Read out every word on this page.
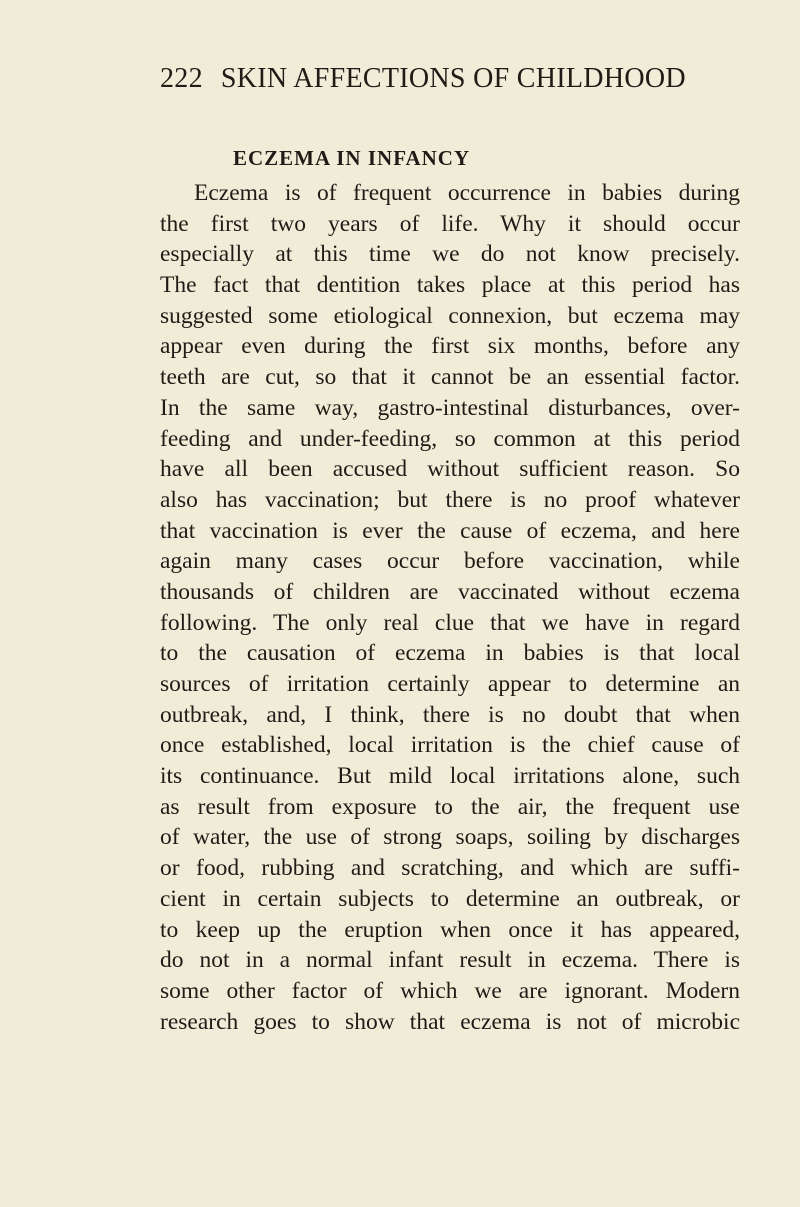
222 SKIN AFFECTIONS OF CHILDHOOD
ECZEMA IN INFANCY
Eczema is of frequent occurrence in babies during
the first two years of life. Why it should occur
especially at this time we do not know precisely.
The fact that dentition takes place at this period has
suggested some etiological connexion, but eczema may
appear even during the first six months, before any
teeth are cut, so that it cannot be an essential factor.
In the same way, gastro-intestinal disturbances, over-
feeding and under-feeding, so common at this period
have all been accused without sufficient reason. So
also has vaccination; but there is no proof whatever
that vaccination is ever the cause of eczema, and here
again many cases occur before vaccination, while
thousands of children are vaccinated without eczema
following. The only real clue that we have in regard
to the causation of eczema in babies is that local
sources of irritation certainly appear to determine an
outbreak, and, I think, there is no doubt that when
once established, local irritation is the chief cause of
its continuance. But mild local irritations alone, such
as result from exposure to the air, the frequent use
of water, the use of strong soaps, soiling by discharges
or food, rubbing and scratching, and which are suffi-
cient in certain subjects to determine an outbreak, or
to keep up the eruption when once it has appeared,
do not in a normal infant result in eczema. There is
some other factor of which we are ignorant. Modern
research goes to show that eczema is not of microbic
